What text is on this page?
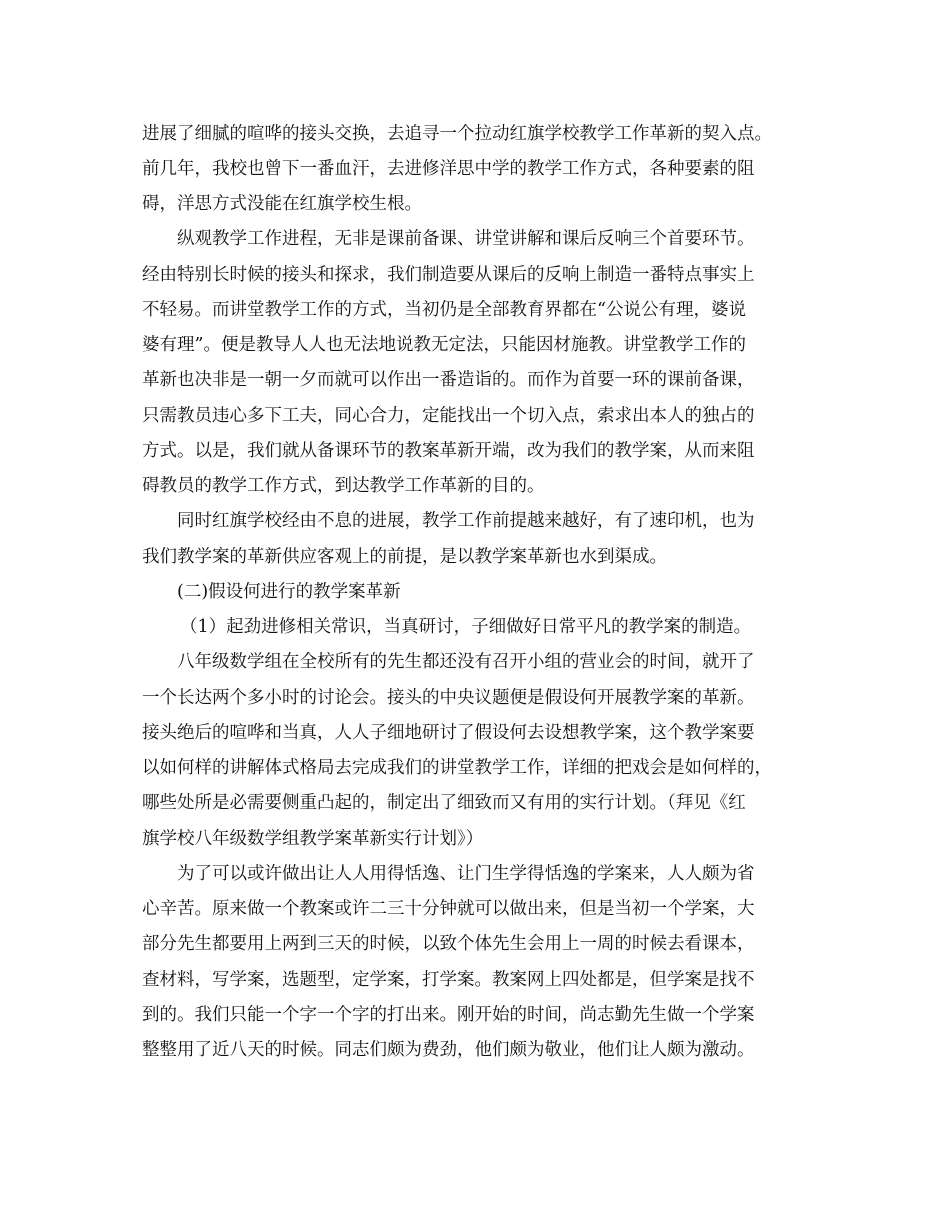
进展了细腻的喧哗的接头交换，去追寻一个拉动红旗学校教学工作革新的契入点。
前几年，我校也曾下一番血汗，去进修洋思中学的教学工作方式，各种要素的阻
碍，洋思方式没能在红旗学校生根。
纵观教学工作进程，无非是课前备课、讲堂讲解和课后反响三个首要环节。
经由特别长时候的接头和探求，我们制造要从课后的反响上制造一番特点事实上
不轻易。而讲堂教学工作的方式，当初仍是全部教育界都在“公说公有理，婆说
婆有理”。便是教导人人也无法地说教无定法，只能因材施教。讲堂教学工作的
革新也决非是一朝一夕而就可以作出一番造诣的。而作为首要一环的课前备课，
只需教员违心多下工夫，同心合力，定能找出一个切入点，索求出本人的独占的
方式。以是，我们就从备课环节的教案革新开端，改为我们的教学案，从而来阻
碍教员的教学工作方式，到达教学工作革新的目的。
同时红旗学校经由不息的进展，教学工作前提越来越好，有了速印机，也为
我们教学案的革新供应客观上的前提，是以教学案革新也水到渠成。
(二)假设何进行的教学案革新
（1）起劲进修相关常识，当真研讨，子细做好日常平凡的教学案的制造。
八年级数学组在全校所有的先生都还没有召开小组的营业会的时间，就开了
一个长达两个多小时的讨论会。接头的中央议题便是假设何开展教学案的革新。
接头绝后的喧哗和当真，人人子细地研讨了假设何去设想教学案，这个教学案要
以如何样的讲解体式格局去完成我们的讲堂教学工作，详细的把戏会是如何样的，
哪些处所是必需要侧重凸起的，制定出了细致而又有用的实行计划。（拜见《红
旗学校八年级数学组教学案革新实行计划》）
为了可以或许做出让人人用得恬逸、让门生学得恬逸的学案来，人人颇为省
心辛苦。原来做一个教案或许二三十分钟就可以做出来，但是当初一个学案，大
部分先生都要用上两到三天的时候，以致个体先生会用上一周的时候去看课本，
查材料，写学案，选题型，定学案，打学案。教案网上四处都是，但学案是找不
到的。我们只能一个字一个字的打出来。刚开始的时间，尚志勤先生做一个学案
整整用了近八天的时候。同志们颇为费劲，他们颇为敬业，他们让人颇为激动。
